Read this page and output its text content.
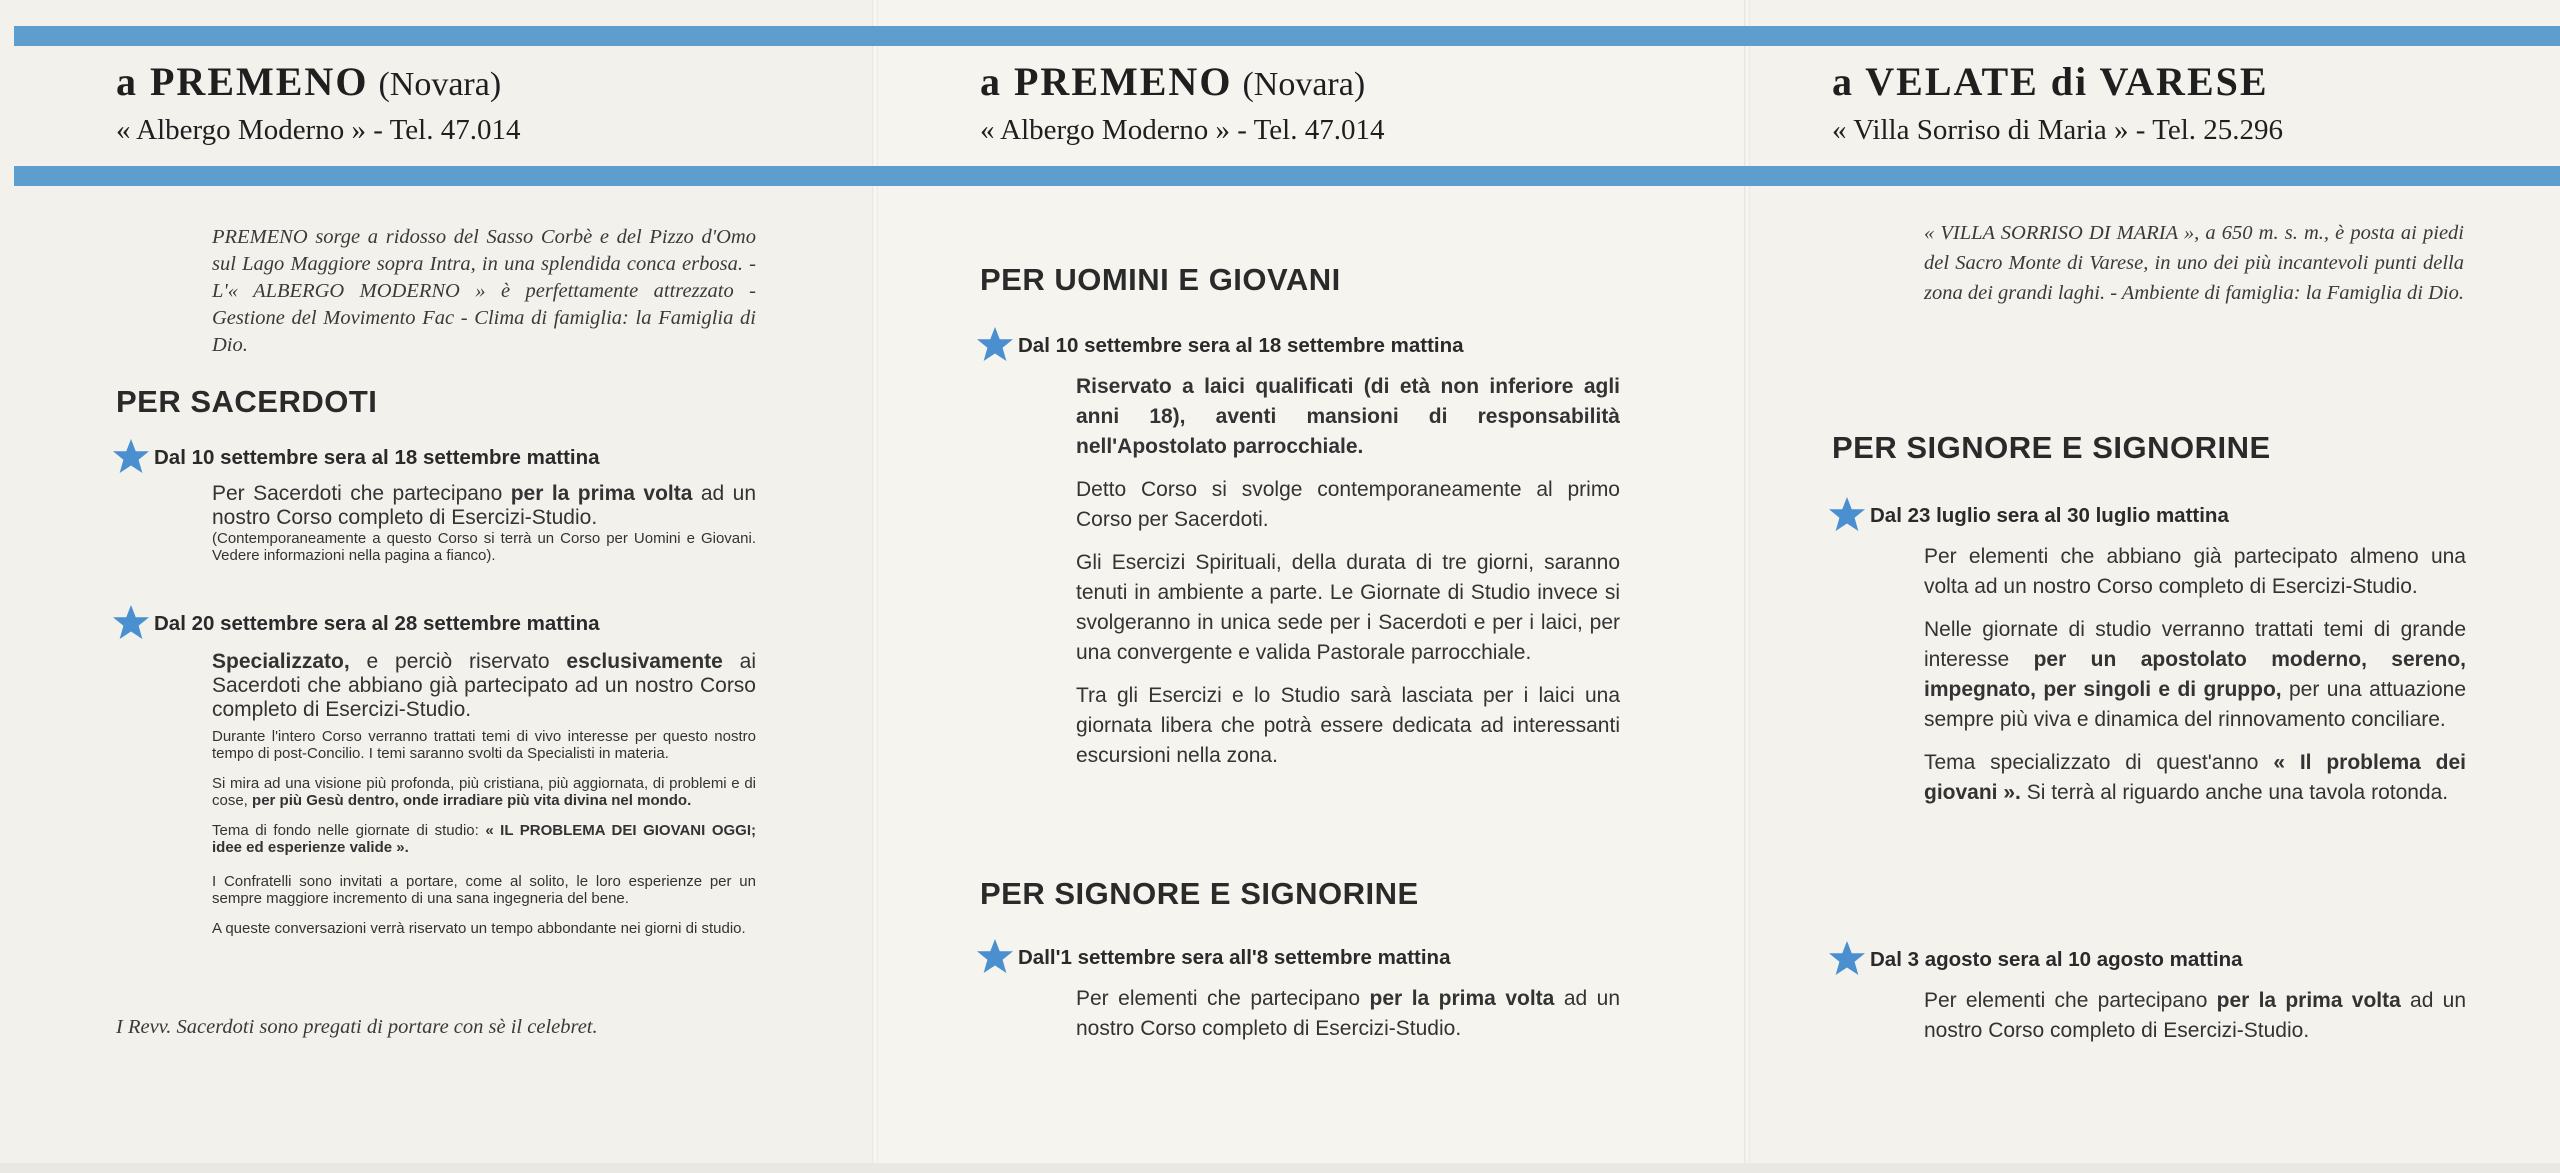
a PREMENO (Novara)
« Albergo Moderno » - Tel. 47.014
PREMENO sorge a ridosso del Sasso Corbè e del Pizzo d'Omo sul Lago Maggiore sopra Intra, in una splendida conca erbosa. - L'« ALBERGO MODERNO » è perfettamente attrezzato - Gestione del Movimento Fac - Clima di famiglia: la Famiglia di Dio.
PER SACERDOTI
Dal 10 settembre sera al 18 settembre mattina

Per Sacerdoti che partecipano per la prima volta ad un nostro Corso completo di Esercizi-Studio.

(Contemporaneamente a questo Corso si terrà un Corso per Uomini e Giovani. Vedere informazioni nella pagina a fianco).

Dal 20 settembre sera al 28 settembre mattina

Specializzato, e perciò riservato esclusivamente ai Sacerdoti che abbiano già partecipato ad un nostro Corso completo di Esercizi-Studio.

Durante l'intero Corso verranno trattati temi di vivo interesse per questo nostro tempo di post-Concilio. I temi saranno svolti da Specialisti in materia.

Si mira ad una visione più profonda, più cristiana, più aggiornata, di problemi e di cose, per più Gesù dentro, onde irradiare più vita divina nel mondo.

Tema di fondo nelle giornate di studio: « IL PROBLEMA DEI GIOVANI OGGI; idee ed esperienze valide ».

I Confratelli sono invitati a portare, come al solito, le loro esperienze per un sempre maggiore incremento di una sana ingegneria del bene.

A queste conversazioni verrà riservato un tempo abbondante nei giorni di studio.

I Revv. Sacerdoti sono pregati di portare con sè il celebret.
a PREMENO (Novara)
« Albergo Moderno » - Tel. 47.014
PER UOMINI E GIOVANI
Dal 10 settembre sera al 18 settembre mattina

Riservato a laici qualificati (di età non inferiore agli anni 18), aventi mansioni di responsabilità nell'Apostolato parrocchiale.

Detto Corso si svolge contemporaneamente al primo Corso per Sacerdoti.

Gli Esercizi Spirituali, della durata di tre giorni, saranno tenuti in ambiente a parte. Le Giornate di Studio invece si svolgeranno in unica sede per i Sacerdoti e per i laici, per una convergente e valida Pastorale parrocchiale.

Tra gli Esercizi e lo Studio sarà lasciata per i laici una giornata libera che potrà essere dedicata ad interessanti escursioni nella zona.

PER SIGNORE E SIGNORINE
Dall'1 settembre sera all'8 settembre mattina

Per elementi che partecipano per la prima volta ad un nostro Corso completo di Esercizi-Studio.

a VELATE di VARESE
« Villa Sorriso di Maria » - Tel. 25.296
« VILLA SORRISO DI MARIA », a 650 m. s. m., è posta ai piedi del Sacro Monte di Varese, in uno dei più incantevoli punti della zona dei grandi laghi. - Ambiente di famiglia: la Famiglia di Dio.
PER SIGNORE E SIGNORINE
Dal 23 luglio sera al 30 luglio mattina

Per elementi che abbiano già partecipato almeno una volta ad un nostro Corso completo di Esercizi-Studio.

Nelle giornate di studio verranno trattati temi di grande interesse per un apostolato moderno, sereno, impegnato, per singoli e di gruppo, per una attuazione sempre più viva e dinamica del rinnovamento conciliare.

Tema specializzato di quest'anno « Il problema dei giovani ». Si terrà al riguardo anche una tavola rotonda.

Dal 3 agosto sera al 10 agosto mattina

Per elementi che partecipano per la prima volta ad un nostro Corso completo di Esercizi-Studio.
